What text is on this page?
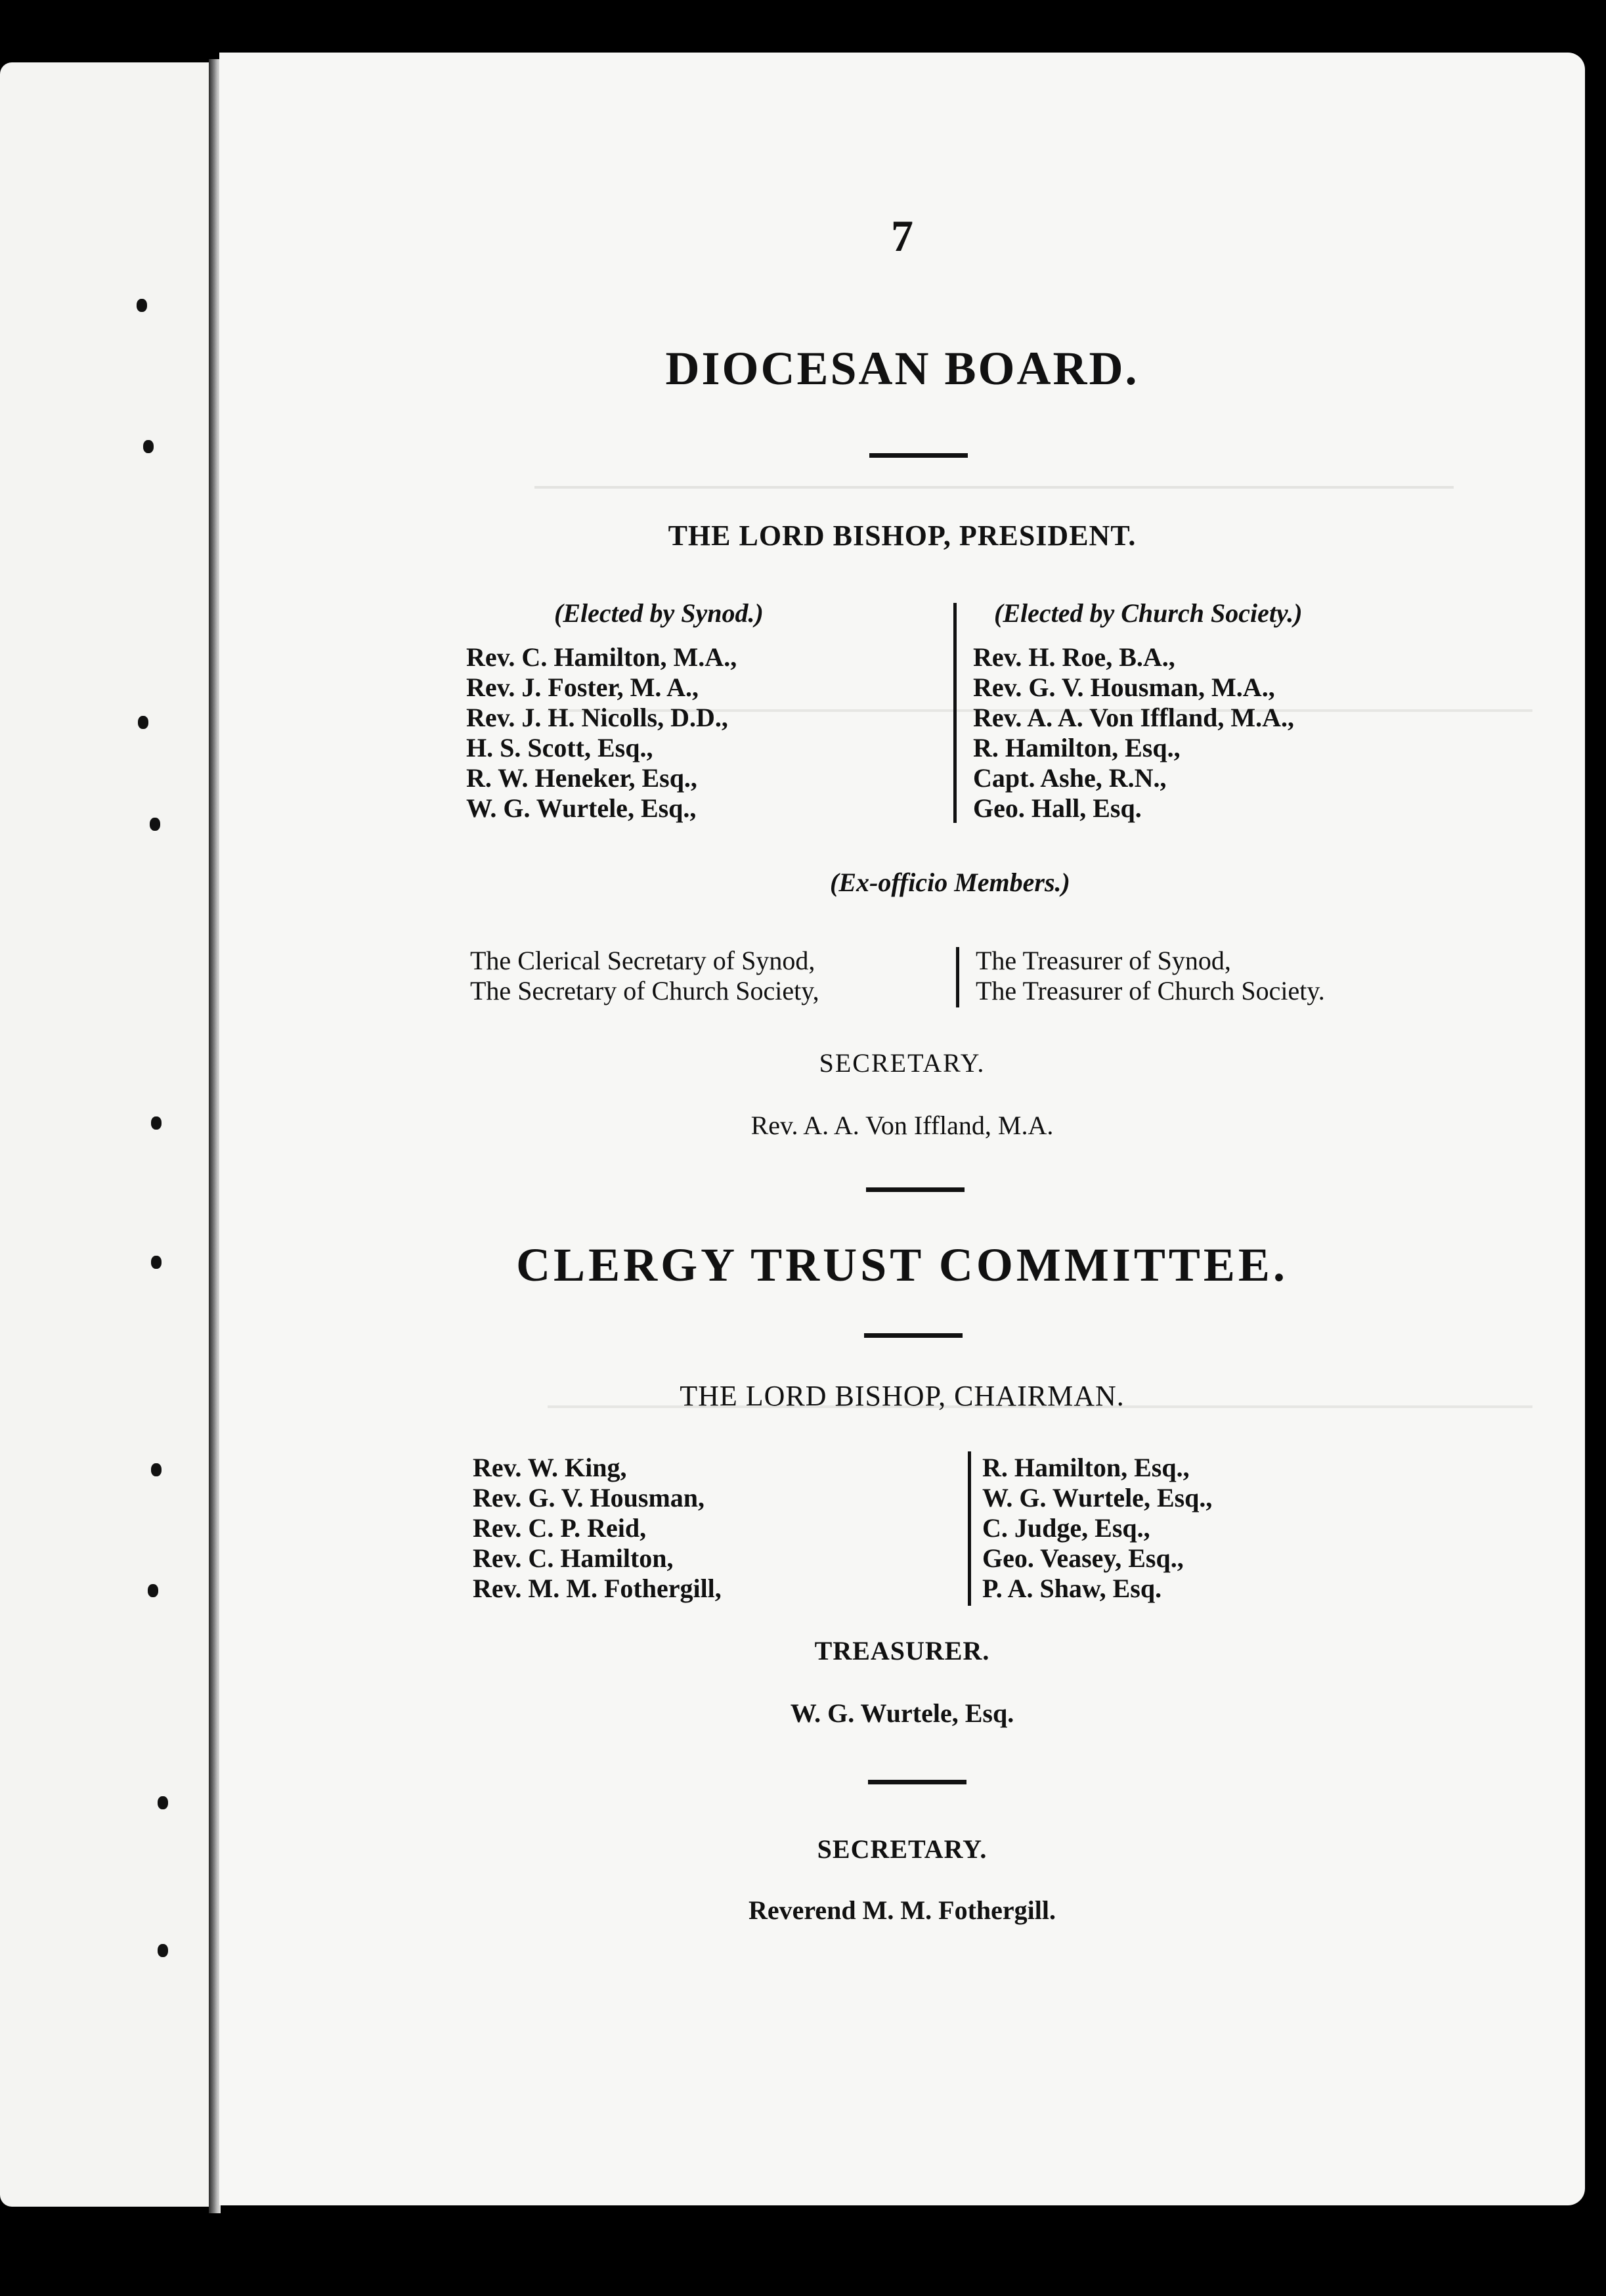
7
DIOCESAN BOARD.
THE LORD BISHOP, PRESIDENT.
(Elected by Synod.)	(Elected by Church Society.)
Rev. C. Hamilton, M.A.,
Rev. J. Foster, M. A.,
Rev. J. H. Nicolls, D.D.,
H. S. Scott, Esq.,
R. W. Heneker, Esq.,
W. G. Wurtele, Esq.,
Rev. H. Roe, B.A.,
Rev. G. V. Housman, M.A.,
Rev. A. A. Von Iffland, M.A.,
R. Hamilton, Esq.,
Capt. Ashe, R.N.,
Geo. Hall, Esq.
(Ex-officio Members.)
The Clerical Secretary of Synod,
The Secretary of Church Society,
The Treasurer of Synod,
The Treasurer of Church Society.
SECRETARY.
Rev. A. A. Von Iffland, M.A.
CLERGY TRUST COMMITTEE.
THE LORD BISHOP, CHAIRMAN.
Rev. W. King,
Rev. G. V. Housman,
Rev. C. P. Reid,
Rev. C. Hamilton,
Rev. M. M. Fothergill,
R. Hamilton, Esq.,
W. G. Wurtele, Esq.,
C. Judge, Esq.,
Geo. Veasey, Esq.,
P. A. Shaw, Esq.
TREASURER.
W. G. Wurtele, Esq.
SECRETARY.
Reverend M. M. Fothergill.
